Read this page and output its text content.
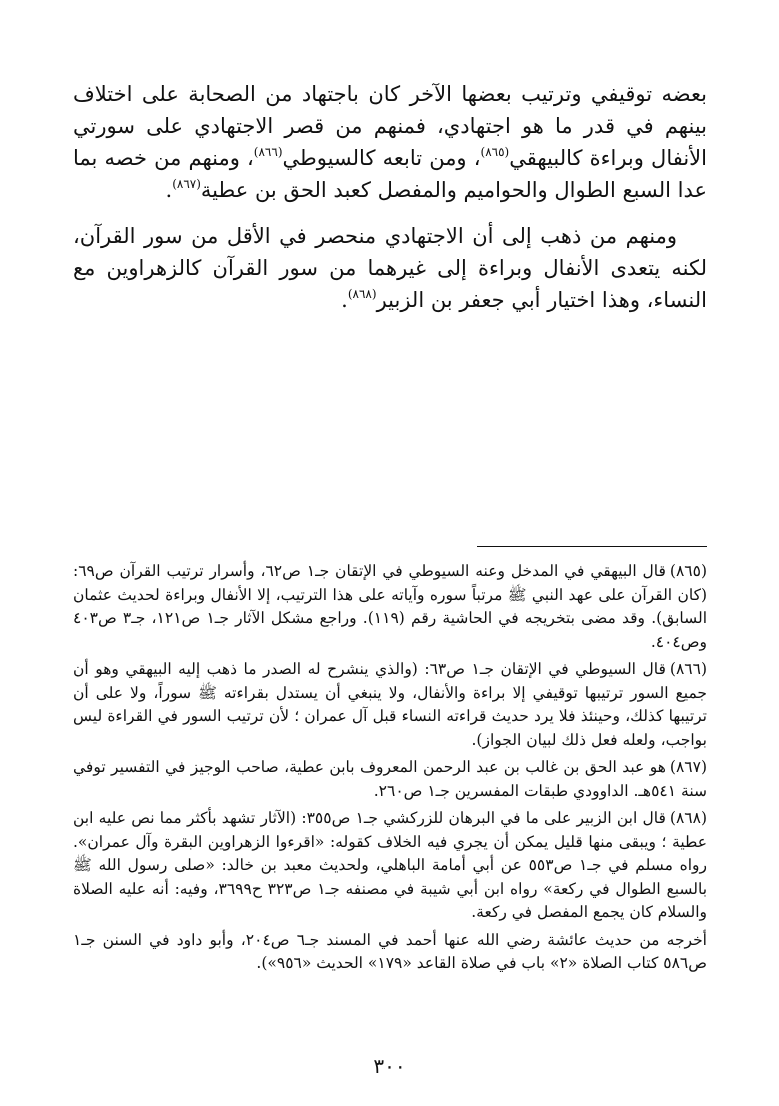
بعضه توقيفي وترتيب بعضها الآخر كان باجتهاد من الصحابة على اختلاف بينهم في قدر ما هو اجتهادي، فمنهم من قصر الاجتهادي على سورتي الأنفال وبراءة كالبيهقي$^{(٨٦٥)}$، ومن تابعه كالسيوطي$^{(٨٦٦)}$، ومنهم من خصه بما عدا السبع الطوال والحواميم والمفصل كعبد الحق بن عطية$^{(٨٦٧)}$.

ومنهم من ذهب إلى أن الاجتهادي منحصر في الأقل من سور القرآن، لكنه يتعدى الأنفال وبراءة إلى غيرهما من سور القرآن كالزهراوين مع النساء، وهذا اختيار أبي جعفر بن الزبير$^{(٨٦٨)}$.

(٨٦٥)قال البيهقي في المدخل وعنه السيوطي في الإتقان جـ١ ص٦٢، وأسرار ترتيب القرآن ص٦٩: (كان القرآن على عهد النبي ﷺ مرتباً سوره وآياته على هذا الترتيب، إلا الأنفال وبراءة لحديث عثمان السابق). وقد مضى بتخريجه في الحاشية رقم (١١٩). وراجع مشكل الآثار جـ١ ص١٢١، جـ٣ ص٤٠٣ وص٤٠٤.

(٨٦٦)قال السيوطي في الإتقان جـ١ ص٦٣: (والذي ينشرح له الصدر ما ذهب إليه البيهقي وهو أن جميع السور ترتيبها توقيفي إلا براءة والأنفال، ولا ينبغي أن يستدل بقراءته ﷺ سوراً، ولا على أن ترتيبها كذلك، وحينئذ فلا يرد حديث قراءته النساء قبل آل عمران ؛ لأن ترتيب السور في القراءة ليس بواجب، ولعله فعل ذلك لبيان الجواز).

(٨٦٧)هو عبد الحق بن غالب بن عبد الرحمن المعروف بابن عطية، صاحب الوجيز في التفسير توفي سنة ٥٤١هـ. الداوودي طبقات المفسرين جـ١ ص٢٦٠.

(٨٦٨)قال ابن الزبير على ما في البرهان للزركشي جـ١ ص٣٥٥: (الآثار تشهد بأكثر مما نص عليه ابن عطية ؛ ويبقى منها قليل يمكن أن يجري فيه الخلاف كقوله: «اقرءوا الزهراوين البقرة وآل عمران». رواه مسلم في جـ١ ص٥٥٣ عن أبي أمامة الباهلي، ولحديث معبد بن خالد: «صلى رسول الله ﷺ بالسبع الطوال في ركعة» رواه ابن أبي شيبة في مصنفه جـ١ ص٣٢٣ ح٣٦٩٩، وفيه: أنه عليه الصلاة والسلام كان يجمع المفصل في ركعة.

أخرجه من حديث عائشة رضي الله عنها أحمد في المسند جـ٦ ص٢٠٤، وأبو داود في السنن جـ١ ص٥٨٦ كتاب الصلاة «٢» باب في صلاة القاعد «١٧٩» الحديث «٩٥٦»).

٣٠٠
